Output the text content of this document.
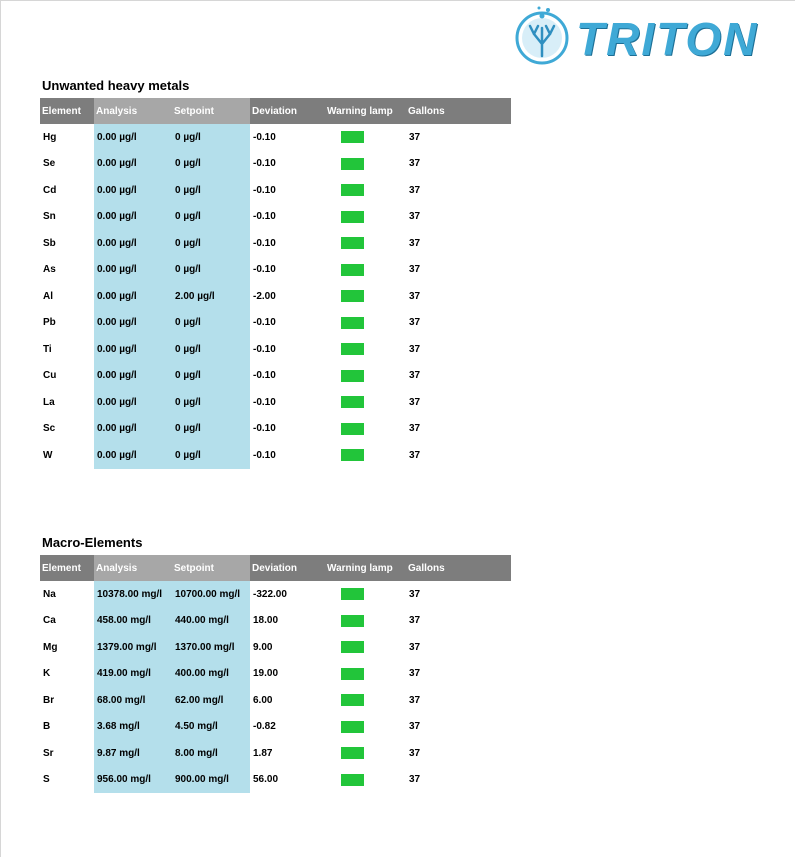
TRITON
Unwanted heavy metals
Element	Analysis	Setpoint	Deviation	Warning lamp	Gallons
Hg	0.00 µg/l	0 µg/l	-0.10		37
Se	0.00 µg/l	0 µg/l	-0.10		37
Cd	0.00 µg/l	0 µg/l	-0.10		37
Sn	0.00 µg/l	0 µg/l	-0.10		37
Sb	0.00 µg/l	0 µg/l	-0.10		37
As	0.00 µg/l	0 µg/l	-0.10		37
Al	0.00 µg/l	2.00 µg/l	-2.00		37
Pb	0.00 µg/l	0 µg/l	-0.10		37
Ti	0.00 µg/l	0 µg/l	-0.10		37
Cu	0.00 µg/l	0 µg/l	-0.10		37
La	0.00 µg/l	0 µg/l	-0.10		37
Sc	0.00 µg/l	0 µg/l	-0.10		37
W	0.00 µg/l	0 µg/l	-0.10		37
Macro-Elements
Element	Analysis	Setpoint	Deviation	Warning lamp	Gallons
Na	10378.00 mg/l	10700.00 mg/l	-322.00		37
Ca	458.00 mg/l	440.00 mg/l	18.00		37
Mg	1379.00 mg/l	1370.00 mg/l	9.00		37
K	419.00 mg/l	400.00 mg/l	19.00		37
Br	68.00 mg/l	62.00 mg/l	6.00		37
B	3.68 mg/l	4.50 mg/l	-0.82		37
Sr	9.87 mg/l	8.00 mg/l	1.87		37
S	956.00 mg/l	900.00 mg/l	56.00		37
